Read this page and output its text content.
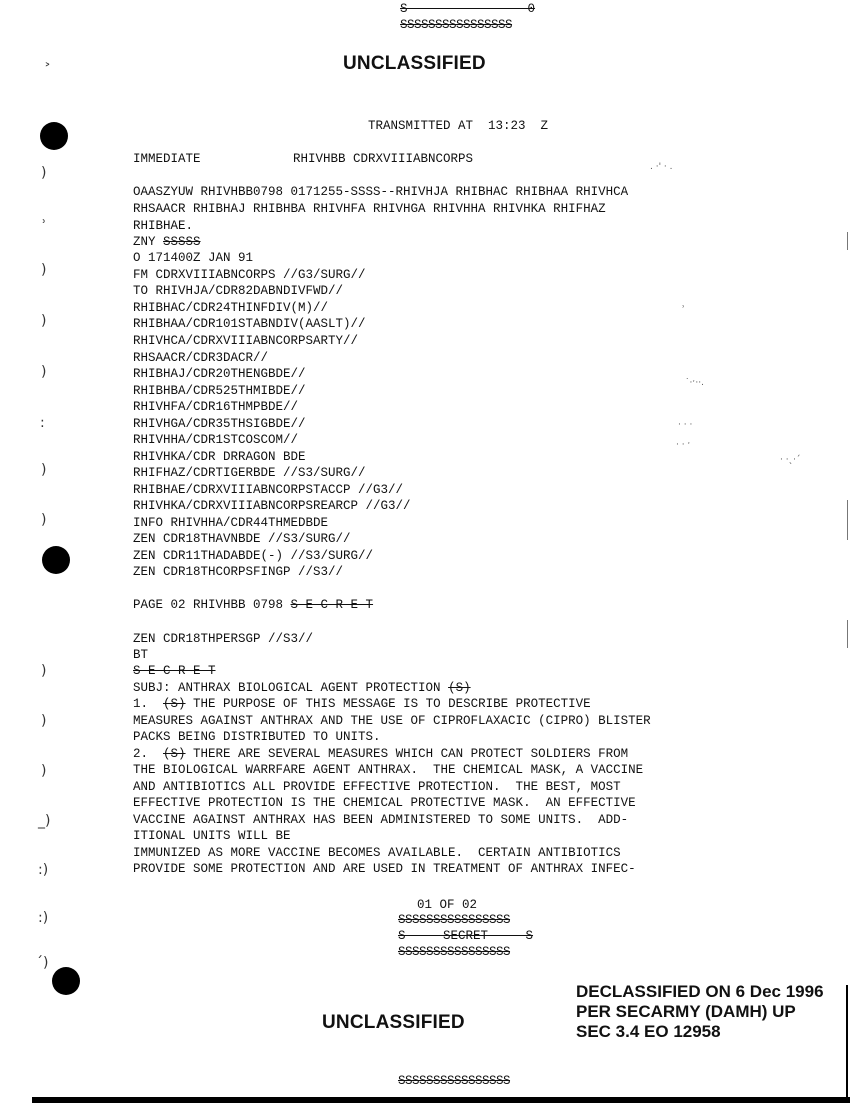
˃
)
ʾ
)
)
)
:
)
)
)
)
)
_)
:)
:)
ˊ)
. ·' · .
ʾ
˙·ˑ··.
· · ·
· · ˑ
· ·ˎ·ˊ
S                0
SSSSSSSSSSSSSSSS
UNCLASSIFIED
TRANSMITTED AT  13:23  Z
IMMEDIATE	RHIVHBB CDRXVIIIABNCORPS
OAASZYUW RHIVHBB0798 0171255-SSSS--RHIVHJA RHIBHAC RHIBHAA RHIVHCA
RHSAACR RHIBHAJ RHIBHBA RHIVHFA RHIVHGA RHIVHHA RHIVHKA RHIFHAZ
RHIBHAE.
ZNY SSSSS
O 171400Z JAN 91
FM CDRXVIIIABNCORPS //G3/SURG//
TO RHIVHJA/CDR82DABNDIVFWD//
RHIBHAC/CDR24THINFDIV(M)//
RHIBHAA/CDR101STABNDIV(AASLT)//
RHIVHCA/CDRXVIIIABNCORPSARTY//
RHSAACR/CDR3DACR//
RHIBHAJ/CDR20THENGBDE//
RHIBHBA/CDR525THMIBDE//
RHIVHFA/CDR16THMPBDE//
RHIVHGA/CDR35THSIGBDE//
RHIVHHA/CDR1STCOSCOM//
RHIVHKA/CDR DRRAGON BDE
RHIFHAZ/CDRTIGERBDE //S3/SURG//
RHIBHAE/CDRXVIIIABNCORPSTACCP //G3//
RHIVHKA/CDRXVIIIABNCORPSREARCP //G3//
INFO RHIVHHA/CDR44THMEDBDE
ZEN CDR18THAVNBDE //S3/SURG//
ZEN CDR11THADABDE(-) //S3/SURG//
ZEN CDR18THCORPSFINGP //S3//
PAGE 02 RHIVHBB 0798 S E C R E T
ZEN CDR18THPERSGP //S3//
BT
S E C R E T
SUBJ: ANTHRAX BIOLOGICAL AGENT PROTECTION (S)
1.  (S) THE PURPOSE OF THIS MESSAGE IS TO DESCRIBE PROTECTIVE
MEASURES AGAINST ANTHRAX AND THE USE OF CIPROFLAXACIC (CIPRO) BLISTER
PACKS BEING DISTRIBUTED TO UNITS.
2.  (S) THERE ARE SEVERAL MEASURES WHICH CAN PROTECT SOLDIERS FROM
THE BIOLOGICAL WARRFARE AGENT ANTHRAX.  THE CHEMICAL MASK, A VACCINE
AND ANTIBIOTICS ALL PROVIDE EFFECTIVE PROTECTION.  THE BEST, MOST
EFFECTIVE PROTECTION IS THE CHEMICAL PROTECTIVE MASK.  AN EFFECTIVE
VACCINE AGAINST ANTHRAX HAS BEEN ADMINISTERED TO SOME UNITS.  ADD-
ITIONAL UNITS WILL BE
IMMUNIZED AS MORE VACCINE BECOMES AVAILABLE.  CERTAIN ANTIBIOTICS
PROVIDE SOME PROTECTION AND ARE USED IN TREATMENT OF ANTHRAX INFEC-
01 OF 02
SSSSSSSSSSSSSSSS
S     SECRET     S
SSSSSSSSSSSSSSSS
DECLASSIFIED ON 6 Dec 1996
PER SECARMY (DAMH) UP
SEC 3.4 EO 12958
UNCLASSIFIED
SSSSSSSSSSSSSSSS
